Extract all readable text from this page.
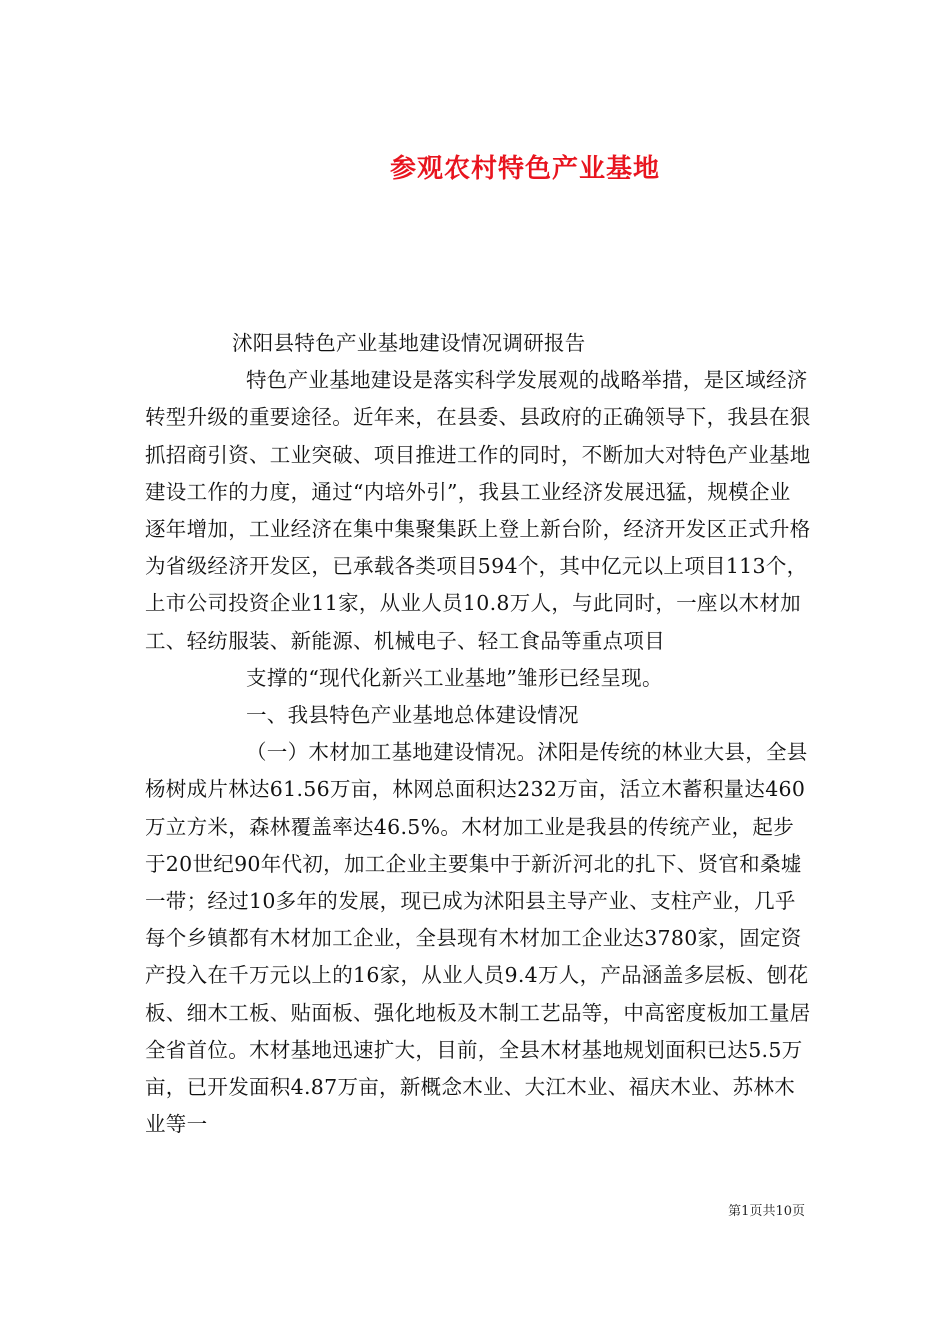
参观农村特色产业基地

沭阳县特色产业基地建设情况调研报告

特色产业基地建设是落实科学发展观的战略举措，是区域经济转型升级的重要途径。近年来，在县委、县政府的正确领导下，我县在狠抓招商引资、工业突破、项目推进工作的同时，不断加大对特色产业基地建设工作的力度，通过“内培外引”，我县工业经济发展迅猛，规模企业逐年增加，工业经济在集中集聚集跃上登上新台阶，经济开发区正式升格为省级经济开发区，已承载各类项目594个，其中亿元以上项目113个，上市公司投资企业11家，从业人员10.8万人，与此同时，一座以木材加工、轻纺服装、新能源、机械电子、轻工食品等重点项目

支撑的“现代化新兴工业基地”雏形已经呈现。

一、我县特色产业基地总体建设情况

（一）木材加工基地建设情况。沭阳是传统的林业大县，全县杨树成片林达61.56万亩，林网总面积达232万亩，活立木蓄积量达460万立方米，森林覆盖率达46.5%。木材加工业是我县的传统产业，起步于20世纪90年代初，加工企业主要集中于新沂河北的扎下、贤官和桑墟一带；经过10多年的发展，现已成为沭阳县主导产业、支柱产业，几乎每个乡镇都有木材加工企业，全县现有木材加工企业达3780家，固定资产投入在千万元以上的16家，从业人员9.4万人，产品涵盖多层板、刨花板、细木工板、贴面板、强化地板及木制工艺品等，中高密度板加工量居全省首位。木材基地迅速扩大，目前，全县木材基地规划面积已达5.5万亩，已开发面积4.87万亩，新概念木业、大江木业、福庆木业、苏林木业等一

第1页共10页
